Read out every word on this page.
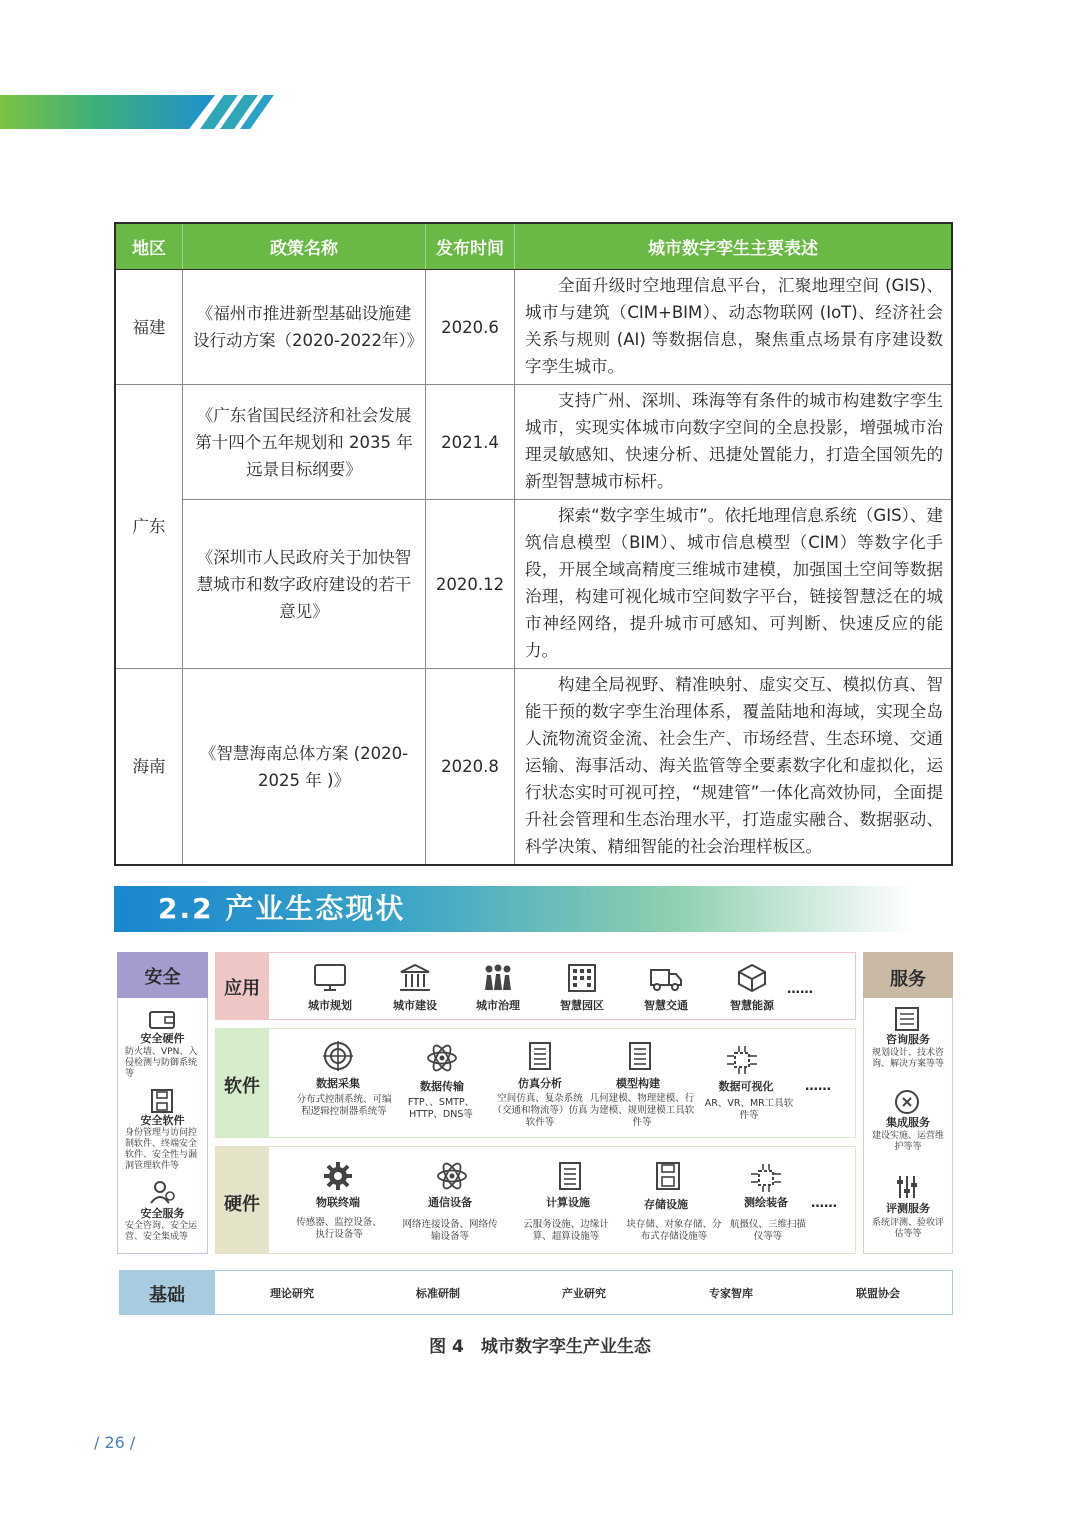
地区	政策名称	发布时间	城市数字孪生主要表述
福建	《福州市推进新型基础设施建设行动方案（2020-2022年）》	2020.6	全面升级时空地理信息平台，汇聚地理空间 (GIS)、城市与建筑（CIM+BIM）、动态物联网 (IoT)、经济社会关系与规则 (AI) 等数据信息，聚焦重点场景有序建设数字孪生城市。
广东	《广东省国民经济和社会发展第十四个五年规划和 2035 年远景目标纲要》	2021.4	支持广州、深圳、珠海等有条件的城市构建数字孪生城市，实现实体城市向数字空间的全息投影，增强城市治理灵敏感知、快速分析、迅捷处置能力，打造全国领先的新型智慧城市标杆。
	《深圳市人民政府关于加快智慧城市和数字政府建设的若干意见》	2020.12	探索“数字孪生城市”。依托地理信息系统（GIS）、建筑信息模型（BIM）、城市信息模型（CIM）等数字化手段，开展全域高精度三维城市建模，加强国土空间等数据治理，构建可视化城市空间数字平台，链接智慧泛在的城市神经网络，提升城市可感知、可判断、快速反应的能力。
海南	《智慧海南总体方案 (2020-2025 年 )》	2020.8	构建全局视野、精准映射、虚实交互、模拟仿真、智能干预的数字孪生治理体系，覆盖陆地和海域，实现全岛人流物流资金流、社会生产、市场经营、生态环境、交通运输、海事活动、海关监管等全要素数字化和虚拟化，运行状态实时可视可控，“规建管”一体化高效协同，全面提升社会管理和生态治理水平，打造虚实融合、数据驱动、科学决策、精细智能的社会治理样板区。
2.2 产业生态现状
安全
安全硬件
防火墙、VPN、入侵检测与防御系统等
安全软件
身份管理与访问控制软件、终端安全软件、安全性与漏洞管理软件等
安全服务
安全咨询、安全运营、安全集成等
应用
城市规划	城市建设	城市治理	智慧园区	智慧交通	智慧能源
……
软件	数据采集
分布式控制系统、可编程逻辑控制器系统等
数据传输
FTP、、SMTP、HTTP、DNS等
仿真分析
空间仿真、复杂系统（交通和物流等）仿真软件等
模型构建
几何建模、物理建模、行为建模、规则建模工具软件等
数据可视化
AR、VR、MR工具软件等
……
硬件	物联终端
传感器、监控设备、执行设备等
通信设备
网络连接设备、网络传输设备等
计算设施
云服务设施、边缘计算、超算设施等
存储设施
块存储、对象存储、分布式存储设施等
测绘装备
航摄仪、三维扫描仪等等
……
服务
咨询服务
规划设计、技术咨询、解决方案等等
集成服务
建设实施、运营维护等等
评测服务
系统评测、验收评估等等
基础	理论研究	标准研制	产业研究	专家智库	联盟协会
图 4　城市数字孪生产业生态
/ 26 /
